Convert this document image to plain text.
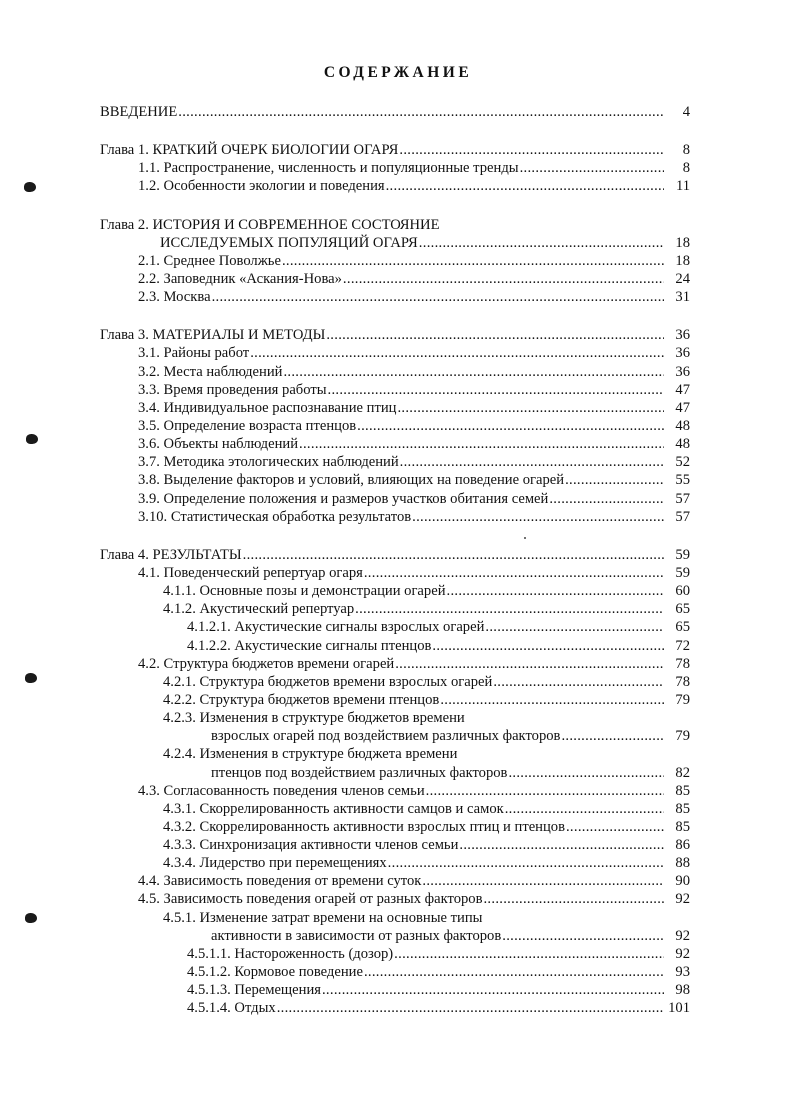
СОДЕРЖАНИЕ
ВВЕДЕНИЕ .....	4
Глава 1. КРАТКИЙ ОЧЕРК БИОЛОГИИ ОГАРЯ .....	8
1.1. Распространение, численность и популяционные тренды .....	8
1.2. Особенности экологии и поведения .....	11
Глава 2. ИСТОРИЯ И СОВРЕМЕННОЕ СОСТОЯНИЕ
ИССЛЕДУЕМЫХ ПОПУЛЯЦИЙ ОГАРЯ .....	18
2.1. Среднее Поволжье .....	18
2.2. Заповедник «Аскания-Нова» .....	24
2.3. Москва .....	31
Глава 3. МАТЕРИАЛЫ И МЕТОДЫ .....	36
3.1. Районы работ .....	36
3.2. Места наблюдений .....	36
3.3. Время проведения работы .....	47
3.4. Индивидуальное распознавание птиц .....	47
3.5. Определение возраста птенцов .....	48
3.6. Объекты наблюдений .....	48
3.7. Методика этологических наблюдений .....	52
3.8. Выделение факторов и условий, влияющих на поведение огарей .....	55
3.9. Определение положения и размеров участков обитания семей .....	57
3.10. Статистическая обработка результатов .....	57
Глава 4. РЕЗУЛЬТАТЫ .....	59
4.1. Поведенческий репертуар огаря .....	59
4.1.1. Основные позы и демонстрации огарей .....	60
4.1.2. Акустический репертуар .....	65
4.1.2.1. Акустические сигналы взрослых огарей .....	65
4.1.2.2. Акустические сигналы птенцов .....	72
4.2. Структура бюджетов времени огарей .....	78
4.2.1. Структура бюджетов времени взрослых огарей .....	78
4.2.2. Структура бюджетов времени птенцов .....	79
4.2.3. Изменения в структуре бюджетов времени
взрослых огарей под воздействием различных факторов .....	79
4.2.4. Изменения в структуре бюджета времени
птенцов под воздействием различных факторов .....	82
4.3. Согласованность поведения членов семьи .....	85
4.3.1. Скоррелированность активности самцов и самок .....	85
4.3.2. Скоррелированность активности взрослых птиц и птенцов .....	85
4.3.3. Синхронизация активности членов семьи .....	86
4.3.4. Лидерство при перемещениях .....	88
4.4. Зависимость поведения от времени суток .....	90
4.5. Зависимость поведения огарей от разных факторов .....	92
4.5.1. Изменение затрат времени на основные типы
активности в зависимости от разных факторов .....	92
4.5.1.1. Настороженность (дозор) .....	92
4.5.1.2. Кормовое поведение .....	93
4.5.1.3. Перемещения .....	98
4.5.1.4. Отдых .....	101
